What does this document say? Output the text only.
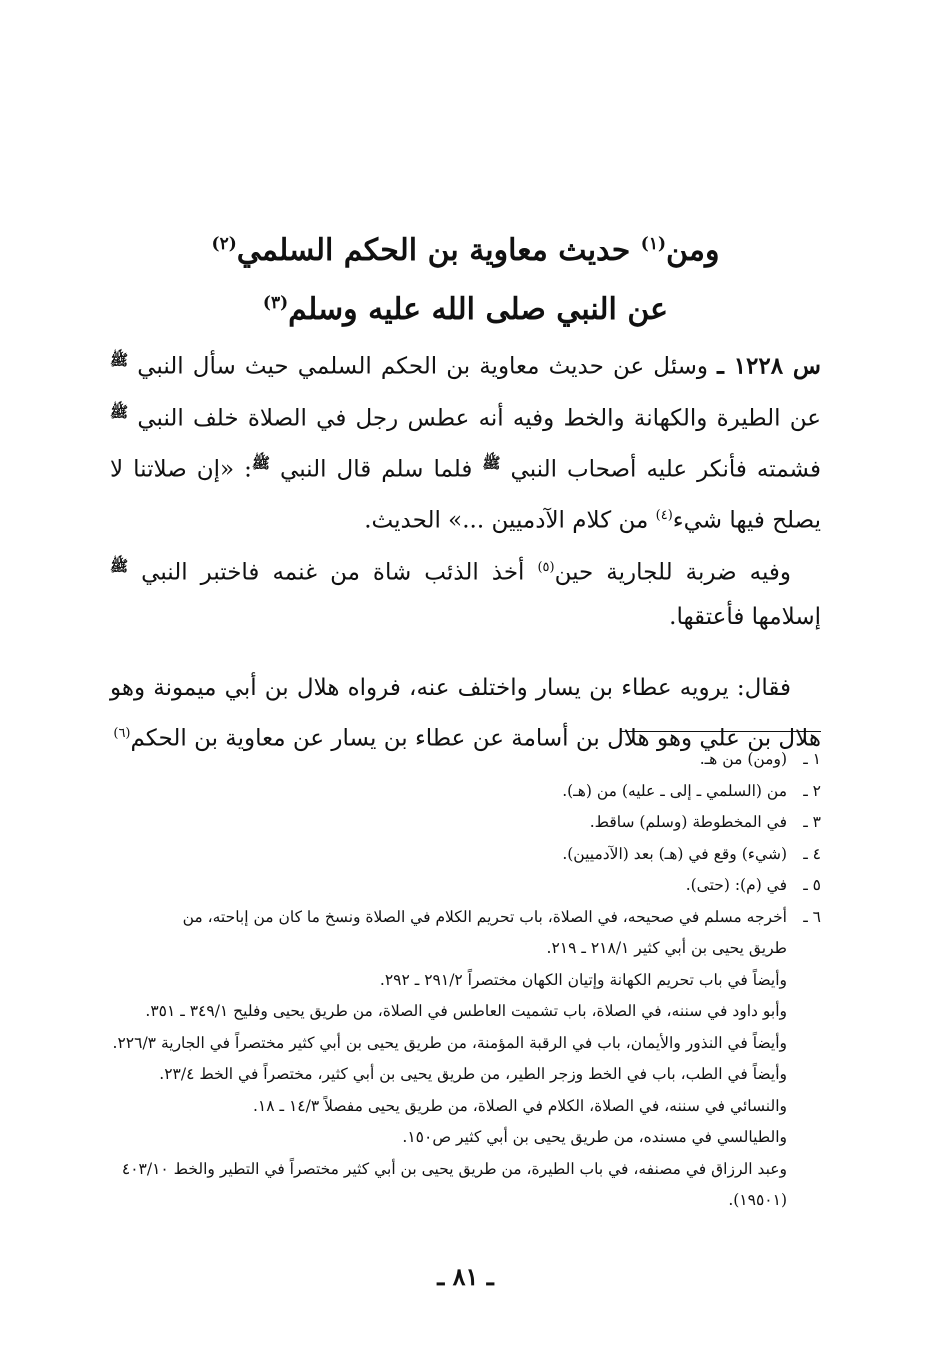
ومن$^{(١)}$ حديث معاوية بن الحكم السلمي$^{(٢)}$
عن النبي صلى الله عليه وسلم$^{(٣)}$

س ١٢٢٨ ـ وسئل عن حديث معاوية بن الحكم السلمي حيث سأل النبي $^ﷺ$ عن الطيرة والكهانة والخط وفيه أنه عطس رجل في الصلاة خلف النبي $^ﷺ$ فشمته فأنكر عليه أصحاب النبي $^ﷺ$ فلما سلم قال النبي $^ﷺ$: «إن صلاتنا لا يصلح فيها شيء$^{(٤)}$ من كلام الآدميين ...» الحديث.

وفيه ضربة للجارية حين$^{(٥)}$ أخذ الذئب شاة من غنمه فاختبر النبي $^ﷺ$ إسلامها فأعتقها.

فقال: يرويه عطاء بن يسار واختلف عنه، فرواه هلال بن أبي ميمونة وهو هلال بن علي وهو هلال بن أسامة عن عطاء بن يسار عن معاوية بن الحكم$^{(٦)}$

١ ـ
(ومن) من هـ.
٢ ـ
من (السلمي ـ إلى ـ عليه) من (هـ).
٣ ـ
في المخطوطة (وسلم) ساقط.
٤ ـ
(شيء) وقع في (هـ) بعد (الآدميين).
٥ ـ
في (م): (حتى).
٦ ـ
أخرجه مسلم في صحيحه، في الصلاة، باب تحريم الكلام في الصلاة ونسخ ما كان من إباحته، من
طريق يحيى بن أبي كثير ٢١٨/١ ـ ٢١٩.
وأيضاً في باب تحريم الكهانة وإتيان الكهان مختصراً ٢٩١/٢ ـ ٢٩٢.
وأبو داود في سننه، في الصلاة، باب تشميت العاطس في الصلاة، من طريق يحيى وفليح ٣٤٩/١ ـ ٣٥١.
وأيضاً في النذور والأيمان، باب في الرقبة المؤمنة، من طريق يحيى بن أبي كثير مختصراً في الجارية ٢٢٦/٣.
وأيضاً في الطب، باب في الخط وزجر الطير، من طريق يحيى بن أبي كثير، مختصراً في الخط ٢٣/٤.
والنسائي في سننه، في الصلاة، الكلام في الصلاة، من طريق يحيى مفصلاً ١٤/٣ ـ ١٨.
والطيالسي في مسنده، من طريق يحيى بن أبي كثير ص١٥٠.
وعبد الرزاق في مصنفه، في باب الطيرة، من طريق يحيى بن أبي كثير مختصراً في التطير والخط ٤٠٣/١٠
(١٩٥٠١).
ـ ٨١ ـ
